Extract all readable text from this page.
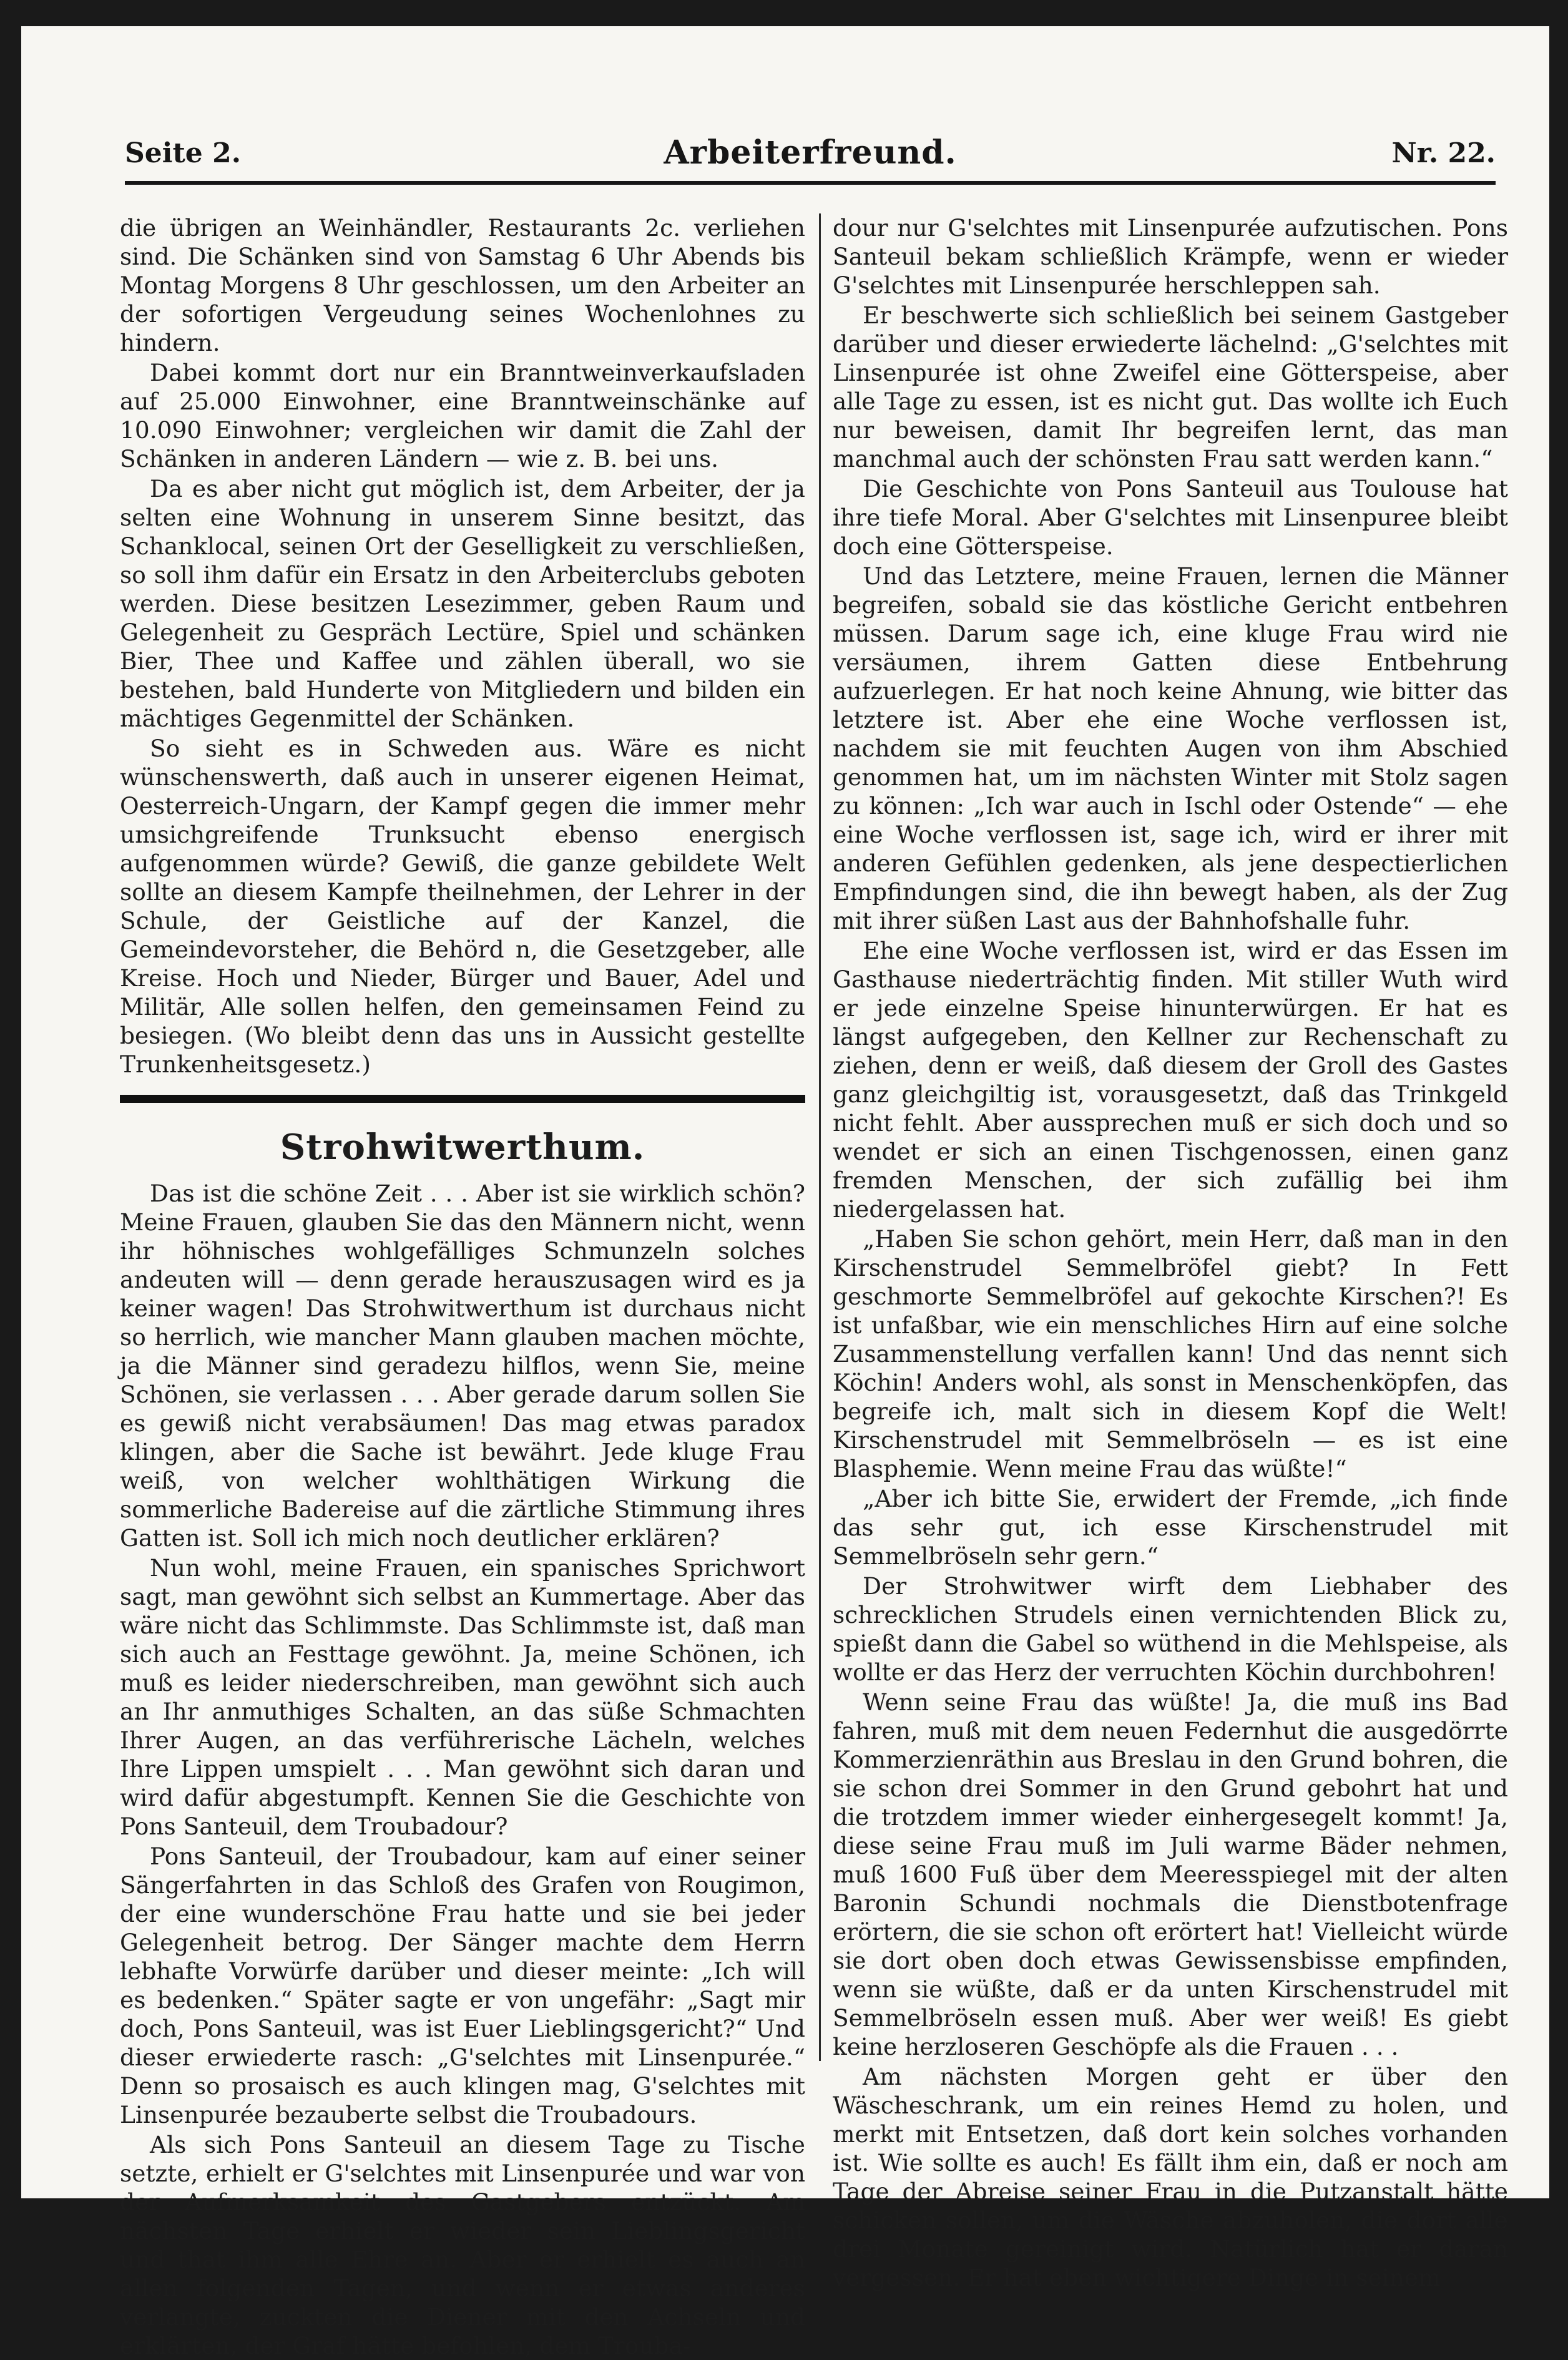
Seite 2.	Arbeiterfreund.	Nr. 22.

die übrigen an Weinhändler, Restaurants 2c. verliehen sind. Die Schänken sind von Samstag 6 Uhr Abends bis Montag Morgens 8 Uhr geschlossen, um den Arbeiter an der sofortigen Vergeudung seines Wochenlohnes zu hindern.

Dabei kommt dort nur ein Branntweinverkaufsladen auf 25.000 Einwohner, eine Branntweinschänke auf 10.090 Einwohner; vergleichen wir damit die Zahl der Schänken in anderen Ländern — wie z. B. bei uns.

Da es aber nicht gut möglich ist, dem Arbeiter, der ja selten eine Wohnung in unserem Sinne besitzt, das Schanklocal, seinen Ort der Geselligkeit zu verschließen, so soll ihm dafür ein Ersatz in den Arbeiterclubs geboten werden. Diese besitzen Lesezimmer, geben Raum und Gelegenheit zu Gespräch Lectüre, Spiel und schänken Bier, Thee und Kaffee und zählen überall, wo sie bestehen, bald Hunderte von Mitgliedern und bilden ein mächtiges Gegenmittel der Schänken.

So sieht es in Schweden aus. Wäre es nicht wünschenswerth, daß auch in unserer eigenen Heimat, Oesterreich-Ungarn, der Kampf gegen die immer mehr umsichgreifende Trunksucht ebenso energisch aufgenommen würde? Gewiß, die ganze gebildete Welt sollte an diesem Kampfe theilnehmen, der Lehrer in der Schule, der Geistliche auf der Kanzel, die Gemeindevorsteher, die Behörd n, die Gesetzgeber, alle Kreise. Hoch und Nieder, Bürger und Bauer, Adel und Militär, Alle sollen helfen, den gemeinsamen Feind zu besiegen. (Wo bleibt denn das uns in Aussicht gestellte Trunkenheitsgesetz.)

Strohwitwerthum.

Das ist die schöne Zeit . . . Aber ist sie wirklich schön? Meine Frauen, glauben Sie das den Männern nicht, wenn ihr höhnisches wohlgefälliges Schmunzeln solches andeuten will — denn gerade herauszusagen wird es ja keiner wagen! Das Strohwitwerthum ist durchaus nicht so herrlich, wie mancher Mann glauben machen möchte, ja die Männer sind geradezu hilflos, wenn Sie, meine Schönen, sie verlassen . . . Aber gerade darum sollen Sie es gewiß nicht verabsäumen! Das mag etwas paradox klingen, aber die Sache ist bewährt. Jede kluge Frau weiß, von welcher wohlthätigen Wirkung die sommerliche Badereise auf die zärtliche Stimmung ihres Gatten ist. Soll ich mich noch deutlicher erklären?

Nun wohl, meine Frauen, ein spanisches Sprichwort sagt, man gewöhnt sich selbst an Kummertage. Aber das wäre nicht das Schlimmste. Das Schlimmste ist, daß man sich auch an Festtage gewöhnt. Ja, meine Schönen, ich muß es leider niederschreiben, man gewöhnt sich auch an Ihr anmuthiges Schalten, an das süße Schmachten Ihrer Augen, an das verführerische Lächeln, welches Ihre Lippen umspielt . . . Man gewöhnt sich daran und wird dafür abgestumpft. Kennen Sie die Geschichte von Pons Santeuil, dem Troubadour?

Pons Santeuil, der Troubadour, kam auf einer seiner Sängerfahrten in das Schloß des Grafen von Rougimon, der eine wunderschöne Frau hatte und sie bei jeder Gelegenheit betrog. Der Sänger machte dem Herrn lebhafte Vorwürfe darüber und dieser meinte: „Ich will es bedenken.“ Später sagte er von ungefähr: „Sagt mir doch, Pons Santeuil, was ist Euer Lieblingsgericht?“ Und dieser erwiederte rasch: „G'selchtes mit Linsenpurée.“ Denn so prosaisch es auch klingen mag, G'selchtes mit Linsenpurée bezauberte selbst die Troubadours.

Als sich Pons Santeuil an diesem Tage zu Tische setzte, erhielt er G'selchtes mit Linsenpurée und war von der Aufmerksamkeit des Gastgebers entzückt. Am nächsten Tage erhielt er wieder sein Lieblingsgericht und that ihm alle Ehre an. Aber er erhielt es auch an allen folgenden Tagen, und wenn er etwas anderes verlangte, zuckten die Diener mit den Achseln und erklärten, der Graf hätte befohlen, dem Trouba-

dour nur G'selchtes mit Linsenpurée aufzutischen. Pons Santeuil bekam schließlich Krämpfe, wenn er wieder G'selchtes mit Linsenpurée herschleppen sah.

Er beschwerte sich schließlich bei seinem Gastgeber darüber und dieser erwiederte lächelnd: „G'selchtes mit Linsenpurée ist ohne Zweifel eine Götterspeise, aber alle Tage zu essen, ist es nicht gut. Das wollte ich Euch nur beweisen, damit Ihr begreifen lernt, das man manchmal auch der schönsten Frau satt werden kann.“

Die Geschichte von Pons Santeuil aus Toulouse hat ihre tiefe Moral. Aber G'selchtes mit Linsenpuree bleibt doch eine Götterspeise.

Und das Letztere, meine Frauen, lernen die Männer begreifen, sobald sie das köstliche Gericht entbehren müssen. Darum sage ich, eine kluge Frau wird nie versäumen, ihrem Gatten diese Entbehrung aufzuerlegen. Er hat noch keine Ahnung, wie bitter das letztere ist. Aber ehe eine Woche verflossen ist, nachdem sie mit feuchten Augen von ihm Abschied genommen hat, um im nächsten Winter mit Stolz sagen zu können: „Ich war auch in Ischl oder Ostende“ — ehe eine Woche verflossen ist, sage ich, wird er ihrer mit anderen Gefühlen gedenken, als jene despectierlichen Empfindungen sind, die ihn bewegt haben, als der Zug mit ihrer süßen Last aus der Bahnhofshalle fuhr.

Ehe eine Woche verflossen ist, wird er das Essen im Gasthause niederträchtig finden. Mit stiller Wuth wird er jede einzelne Speise hinunterwürgen. Er hat es längst aufgegeben, den Kellner zur Rechenschaft zu ziehen, denn er weiß, daß diesem der Groll des Gastes ganz gleichgiltig ist, vorausgesetzt, daß das Trinkgeld nicht fehlt. Aber aussprechen muß er sich doch und so wendet er sich an einen Tischgenossen, einen ganz fremden Menschen, der sich zufällig bei ihm niedergelassen hat.

„Haben Sie schon gehört, mein Herr, daß man in den Kirschenstrudel Semmelbröfel giebt? In Fett geschmorte Semmelbröfel auf gekochte Kirschen?! Es ist unfaßbar, wie ein menschliches Hirn auf eine solche Zusammenstellung verfallen kann! Und das nennt sich Köchin! Anders wohl, als sonst in Menschenköpfen, das begreife ich, malt sich in diesem Kopf die Welt! Kirschenstrudel mit Semmelbröseln — es ist eine Blasphemie. Wenn meine Frau das wüßte!“

„Aber ich bitte Sie, erwidert der Fremde, „ich finde das sehr gut, ich esse Kirschenstrudel mit Semmelbröseln sehr gern.“

Der Strohwitwer wirft dem Liebhaber des schrecklichen Strudels einen vernichtenden Blick zu, spießt dann die Gabel so wüthend in die Mehlspeise, als wollte er das Herz der verruchten Köchin durchbohren!

Wenn seine Frau das wüßte! Ja, die muß ins Bad fahren, muß mit dem neuen Federnhut die ausgedörrte Kommerzienräthin aus Breslau in den Grund bohren, die sie schon drei Sommer in den Grund gebohrt hat und die trotzdem immer wieder einhergesegelt kommt! Ja, diese seine Frau muß im Juli warme Bäder nehmen, muß 1600 Fuß über dem Meeresspiegel mit der alten Baronin Schundi nochmals die Dienstbotenfrage erörtern, die sie schon oft erörtert hat! Vielleicht würde sie dort oben doch etwas Gewissensbisse empfinden, wenn sie wüßte, daß er da unten Kirschenstrudel mit Semmelbröseln essen muß. Aber wer weiß! Es giebt keine herzloseren Geschöpfe als die Frauen . . .

Am nächsten Morgen geht er über den Wäscheschrank, um ein reines Hemd zu holen, und merkt mit Entsetzen, daß dort kein solches vorhanden ist. Wie sollte es auch! Es fällt ihm ein, daß er noch am Tage der Abreise seiner Frau in die Putzanstalt hätte schicken sollen, um die Wäsche abzuholen, die dort alle drei Monate gereinigt wird. Natürlich hat er daran vergessen. Er hat eben wichtigere Dinge in seinem
